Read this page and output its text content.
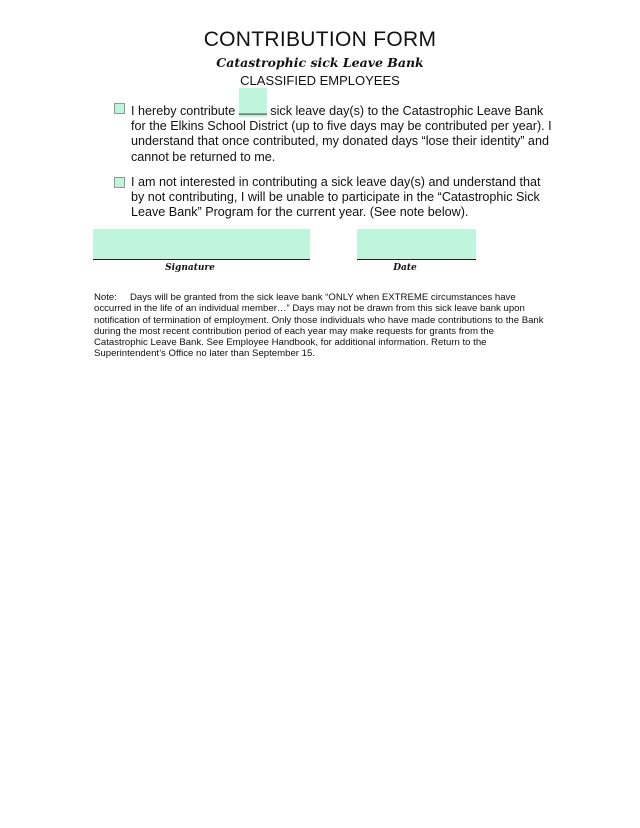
CONTRIBUTION FORM
Catastrophic sick Leave Bank
CLASSIFIED EMPLOYEES
I hereby contribute ____ sick leave day(s) to the Catastrophic Leave Bank for the Elkins School District (up to five days may be contributed per year). I understand that once contributed, my donated days “lose their identity” and cannot be returned to me.
I am not interested in contributing a sick leave day(s) and understand that by not contributing, I will be unable to participate in the “Catastrophic Sick Leave Bank” Program for the current year. (See note below).
Signature	Date
Note: Days will be granted from the sick leave bank “ONLY when EXTREME circumstances have occurred in the life of an individual member…” Days may not be drawn from this sick leave bank upon notification of termination of employment. Only those individuals who have made contributions to the Bank during the most recent contribution period of each year may make requests for grants from the Catastrophic Leave Bank. See Employee Handbook, for additional information. Return to the Superintendent’s Office no later than September 15.
